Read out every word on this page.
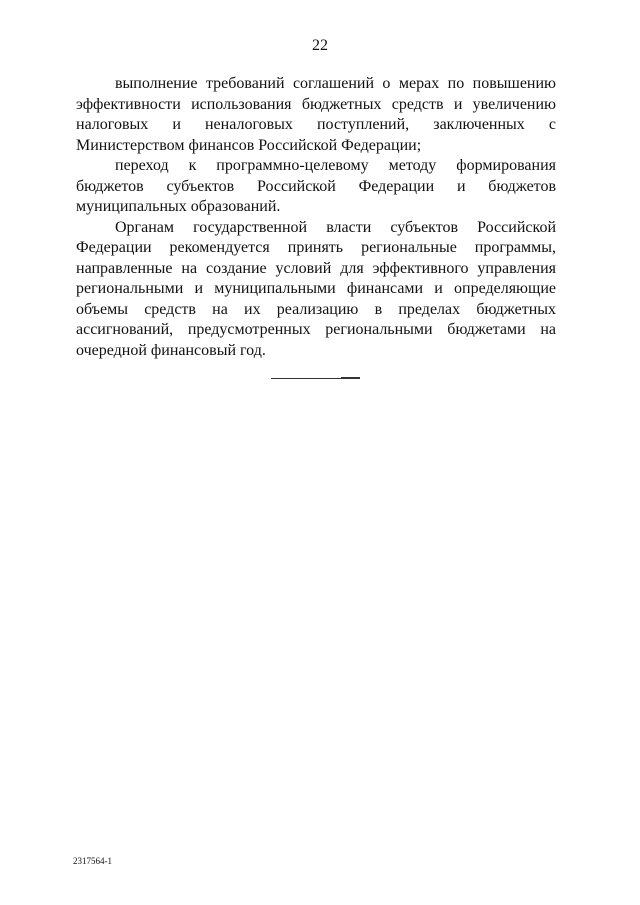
22

выполнение требований соглашений о мерах по повышению эффективности использования бюджетных средств и увеличению налоговых и неналоговых поступлений, заключенных с Министерством финансов Российской Федерации;

переход к программно-целевому методу формирования бюджетов субъектов Российской Федерации и бюджетов муниципальных образований.

Органам государственной власти субъектов Российской Федерации рекомендуется принять региональные программы, направленные на создание условий для эффективного управления региональными и муниципальными финансами и определяющие объемы средств на их реализацию в пределах бюджетных ассигнований, предусмотренных региональными бюджетами на очередной финансовый год.

2317564-1
